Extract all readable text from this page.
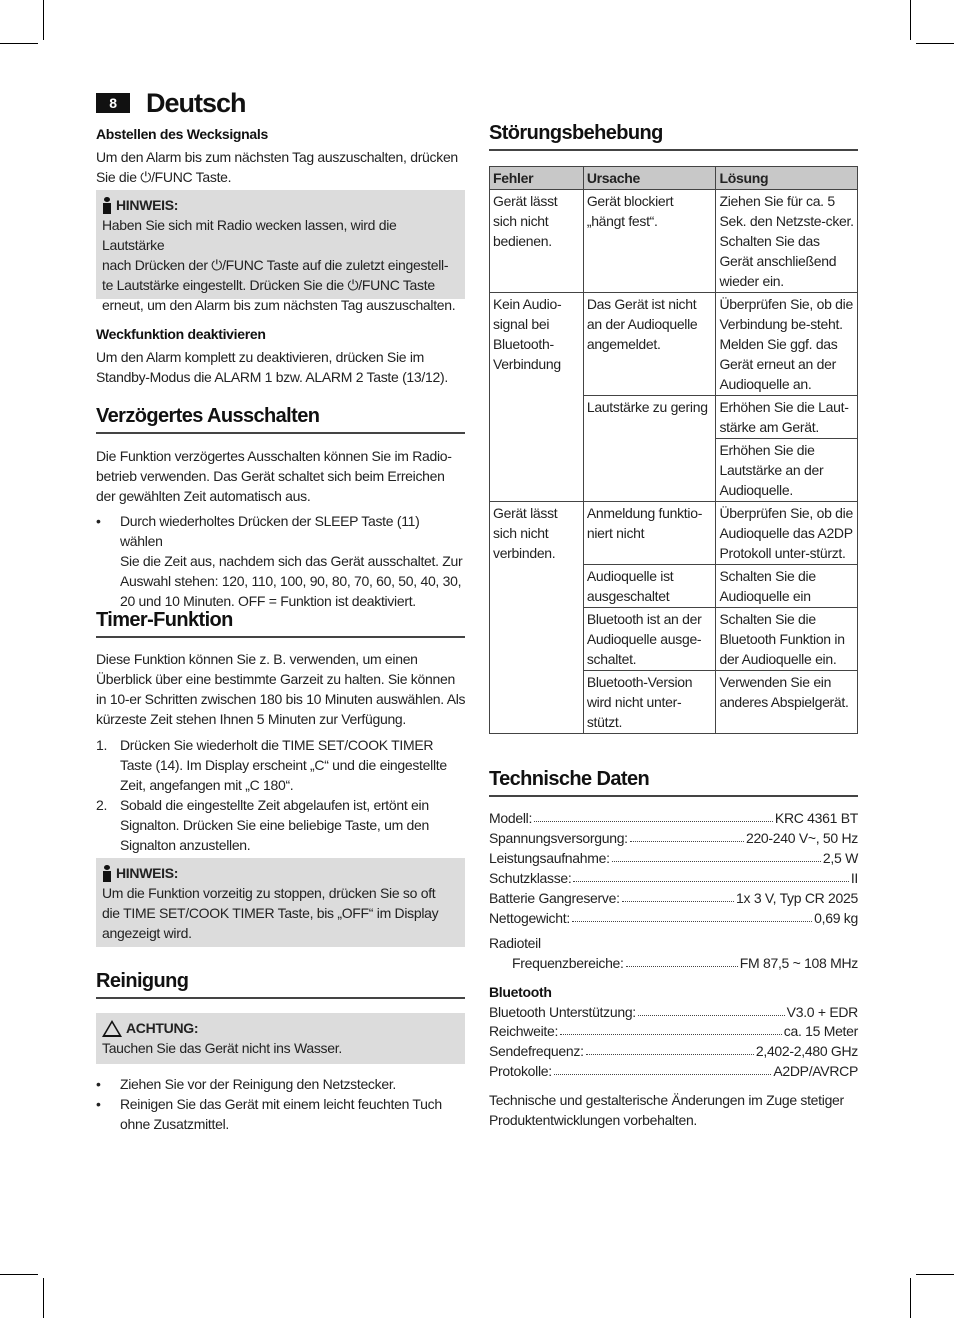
8	Deutsch
Abstellen des Wecksignals
Um den Alarm bis zum nächsten Tag auszuschalten, drücken
Sie die ⏻/FUNC Taste.
HINWEIS:
Haben Sie sich mit Radio wecken lassen, wird die Lautstärke
nach Drücken der ⏻/FUNC Taste auf die zuletzt eingestell-
te Lautstärke eingestellt. Drücken Sie die ⏻/FUNC Taste
erneut, um den Alarm bis zum nächsten Tag auszuschalten.
Weckfunktion deaktivieren
Um den Alarm komplett zu deaktivieren, drücken Sie im
Standby-Modus die ALARM 1 bzw. ALARM 2 Taste (13/12).
Verzögertes Ausschalten
Die Funktion verzögertes Ausschalten können Sie im Radio-
betrieb verwenden. Das Gerät schaltet sich beim Erreichen
der gewählten Zeit automatisch aus.
• Durch wiederholtes Drücken der SLEEP Taste (11) wählen
Sie die Zeit aus, nachdem sich das Gerät ausschaltet. Zur
Auswahl stehen: 120, 110, 100, 90, 80, 70, 60, 50, 40, 30,
20 und 10 Minuten. OFF = Funktion ist deaktiviert.
Timer-Funktion
Diese Funktion können Sie z. B. verwenden, um einen
Überblick über eine bestimmte Garzeit zu halten. Sie können
in 10-er Schritten zwischen 180 bis 10 Minuten auswählen. Als
kürzeste Zeit stehen Ihnen 5 Minuten zur Verfügung.
1. Drücken Sie wiederholt die TIME SET/COOK TIMER
Taste (14). Im Display erscheint „C“ und die eingestellte
Zeit, angefangen mit „C 180“.
2. Sobald die eingestellte Zeit abgelaufen ist, ertönt ein
Signalton. Drücken Sie eine beliebige Taste, um den
Signalton anzustellen.
HINWEIS:
Um die Funktion vorzeitig zu stoppen, drücken Sie so oft
die TIME SET/COOK TIMER Taste, bis „OFF“ im Display
angezeigt wird.
Reinigung
ACHTUNG:
Tauchen Sie das Gerät nicht ins Wasser.
• Ziehen Sie vor der Reinigung den Netzstecker.
• Reinigen Sie das Gerät mit einem leicht feuchten Tuch
ohne Zusatzmittel.
Störungsbehebung
Fehler	Ursache	Lösung
Gerät lässt sich nicht bedienen.	Gerät blockiert „hängt fest“.	Ziehen Sie für ca. 5 Sek. den Netzste-cker. Schalten Sie das Gerät anschließend wieder ein.
Kein Audio-signal bei Bluetooth-Verbindung	Das Gerät ist nicht an der Audioquelle angemeldet.	Überprüfen Sie, ob die Verbindung be-steht. Melden Sie ggf. das Gerät erneut an der Audioquelle an.
	Lautstärke zu gering	Erhöhen Sie die Laut-stärke am Gerät.
		Erhöhen Sie die Lautstärke an der Audioquelle.
Gerät lässt sich nicht verbinden.	Anmeldung funktio-niert nicht	Überprüfen Sie, ob die Audioquelle das A2DP Protokoll unter-stürzt.
	Audioquelle ist ausgeschaltet	Schalten Sie die Audioquelle ein
	Bluetooth ist an der Audioquelle ausge-schaltet.	Schalten Sie die Bluetooth Funktion in der Audioquelle ein.
	Bluetooth-Version wird nicht unter-stützt.	Verwenden Sie ein anderes Abspielgerät.
Technische Daten
Modell:	KRC 4361 BT
Spannungsversorgung:	220-240 V~, 50 Hz
Leistungsaufnahme:	2,5 W
Schutzklasse:	II
Batterie Gangreserve:	1x 3 V, Typ CR 2025
Nettogewicht:	0,69 kg
Radioteil
Frequenzbereiche:	FM 87,5 ~ 108 MHz
Bluetooth
Bluetooth Unterstützung:	V3.0 + EDR
Reichweite:	ca. 15 Meter
Sendefrequenz:	2,402-2,480 GHz
Protokolle:	A2DP/AVRCP
Technische und gestalterische Änderungen im Zuge stetiger
Produktentwicklungen vorbehalten.
